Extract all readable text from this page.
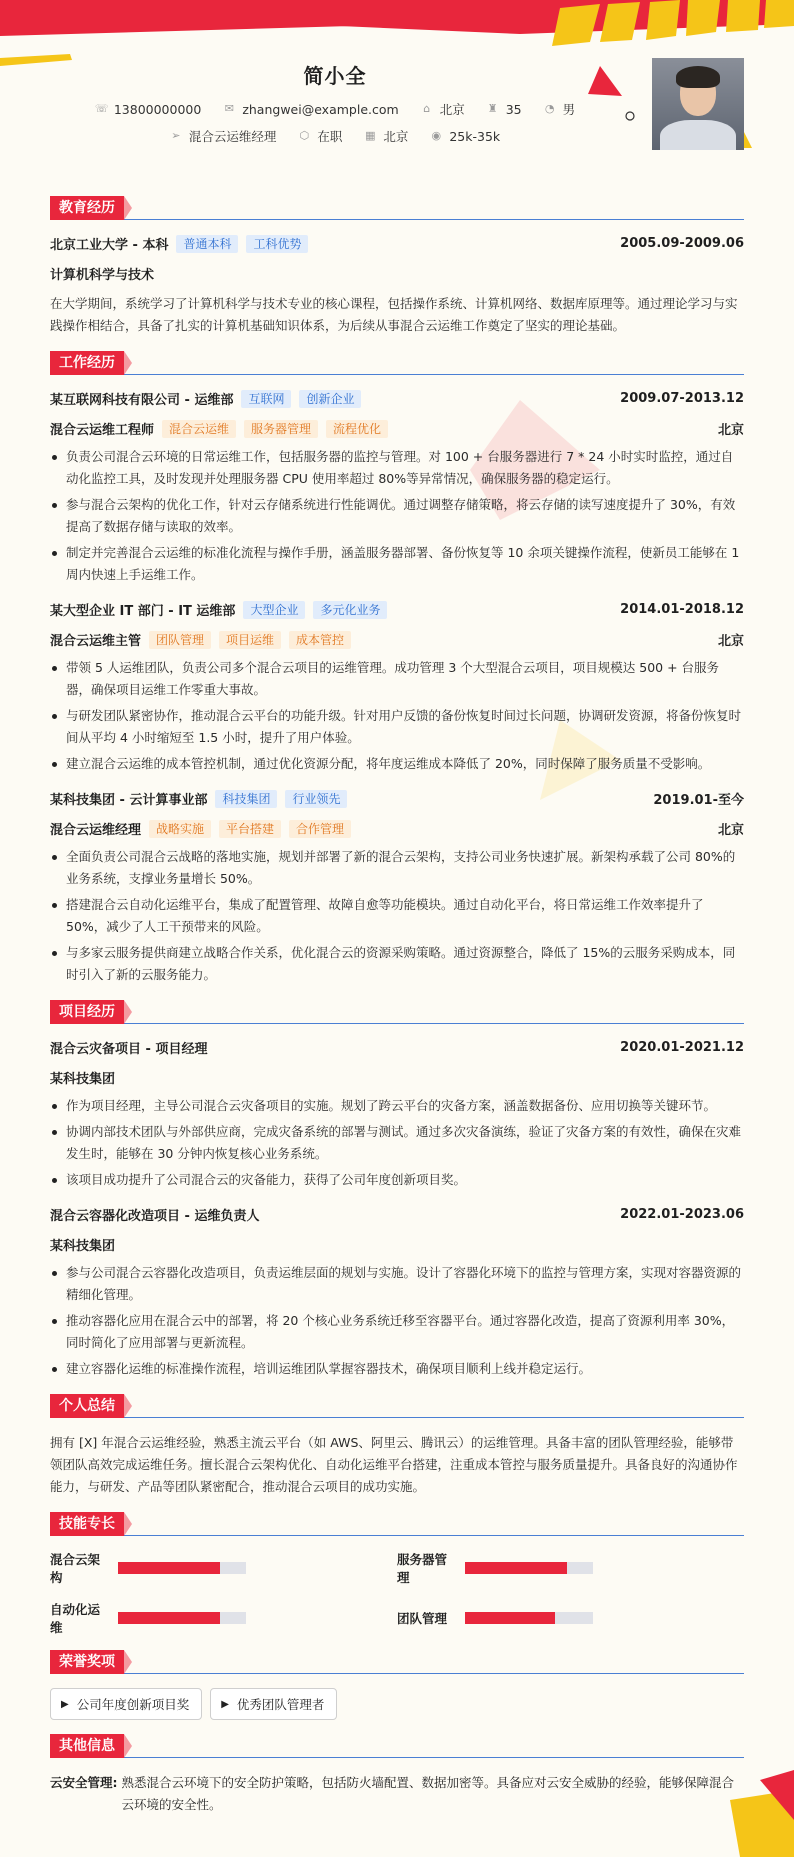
简小全
☏ 13800000000 ✉ zhangwei@example.com ⌂ 北京 ♜ 35 ◔ 男
➢ 混合云运维经理 ⬡ 在职 ▦ 北京 ◉ 25k-35k
教育经历
北京工业大学 - 本科	普通本科	工科优势	2005.09-2009.06
计算机科学与技术
在大学期间，系统学习了计算机科学与技术专业的核心课程，包括操作系统、计算机网络、数据库原理等。通过理论学习与实践操作相结合，具备了扎实的计算机基础知识体系，为后续从事混合云运维工作奠定了坚实的理论基础。
工作经历
某互联网科技有限公司 - 运维部	互联网	创新企业	2009.07-2013.12
混合云运维工程师	混合云运维	服务器管理	流程优化	北京
负责公司混合云环境的日常运维工作，包括服务器的监控与管理。对 100 + 台服务器进行 7 * 24 小时实时监控，通过自动化监控工具，及时发现并处理服务器 CPU 使用率超过 80%等异常情况，确保服务器的稳定运行。
参与混合云架构的优化工作，针对云存储系统进行性能调优。通过调整存储策略，将云存储的读写速度提升了 30%，有效提高了数据存储与读取的效率。
制定并完善混合云运维的标准化流程与操作手册，涵盖服务器部署、备份恢复等 10 余项关键操作流程，使新员工能够在 1 周内快速上手运维工作。
某大型企业 IT 部门 - IT 运维部	大型企业	多元化业务	2014.01-2018.12
混合云运维主管	团队管理	项目运维	成本管控	北京
带领 5 人运维团队，负责公司多个混合云项目的运维管理。成功管理 3 个大型混合云项目，项目规模达 500 + 台服务器，确保项目运维工作零重大事故。
与研发团队紧密协作，推动混合云平台的功能升级。针对用户反馈的备份恢复时间过长问题，协调研发资源，将备份恢复时间从平均 4 小时缩短至 1.5 小时，提升了用户体验。
建立混合云运维的成本管控机制，通过优化资源分配，将年度运维成本降低了 20%，同时保障了服务质量不受影响。
某科技集团 - 云计算事业部	科技集团	行业领先	2019.01-至今
混合云运维经理	战略实施	平台搭建	合作管理	北京
全面负责公司混合云战略的落地实施，规划并部署了新的混合云架构，支持公司业务快速扩展。新架构承载了公司 80%的业务系统，支撑业务量增长 50%。
搭建混合云自动化运维平台，集成了配置管理、故障自愈等功能模块。通过自动化平台，将日常运维工作效率提升了 50%，减少了人工干预带来的风险。
与多家云服务提供商建立战略合作关系，优化混合云的资源采购策略。通过资源整合，降低了 15%的云服务采购成本，同时引入了新的云服务能力。
项目经历
混合云灾备项目 - 项目经理	2020.01-2021.12
某科技集团
作为项目经理，主导公司混合云灾备项目的实施。规划了跨云平台的灾备方案，涵盖数据备份、应用切换等关键环节。
协调内部技术团队与外部供应商，完成灾备系统的部署与测试。通过多次灾备演练，验证了灾备方案的有效性，确保在灾难发生时，能够在 30 分钟内恢复核心业务系统。
该项目成功提升了公司混合云的灾备能力，获得了公司年度创新项目奖。
混合云容器化改造项目 - 运维负责人	2022.01-2023.06
某科技集团
参与公司混合云容器化改造项目，负责运维层面的规划与实施。设计了容器化环境下的监控与管理方案，实现对容器资源的精细化管理。
推动容器化应用在混合云中的部署，将 20 个核心业务系统迁移至容器平台。通过容器化改造，提高了资源利用率 30%，同时简化了应用部署与更新流程。
建立容器化运维的标准操作流程，培训运维团队掌握容器技术，确保项目顺利上线并稳定运行。
个人总结
拥有 [X] 年混合云运维经验，熟悉主流云平台（如 AWS、阿里云、腾讯云）的运维管理。具备丰富的团队管理经验，能够带领团队高效完成运维任务。擅长混合云架构优化、自动化运维平台搭建，注重成本管控与服务质量提升。具备良好的沟通协作能力，与研发、产品等团队紧密配合，推动混合云项目的成功实施。
技能专长
混合云架构
服务器管理
自动化运维
团队管理
荣誉奖项
▶ 公司年度创新项目奖	▶ 优秀团队管理者
其他信息
云安全管理: 熟悉混合云环境下的安全防护策略，包括防火墙配置、数据加密等。具备应对云安全威胁的经验，能够保障混合云环境的安全性。
